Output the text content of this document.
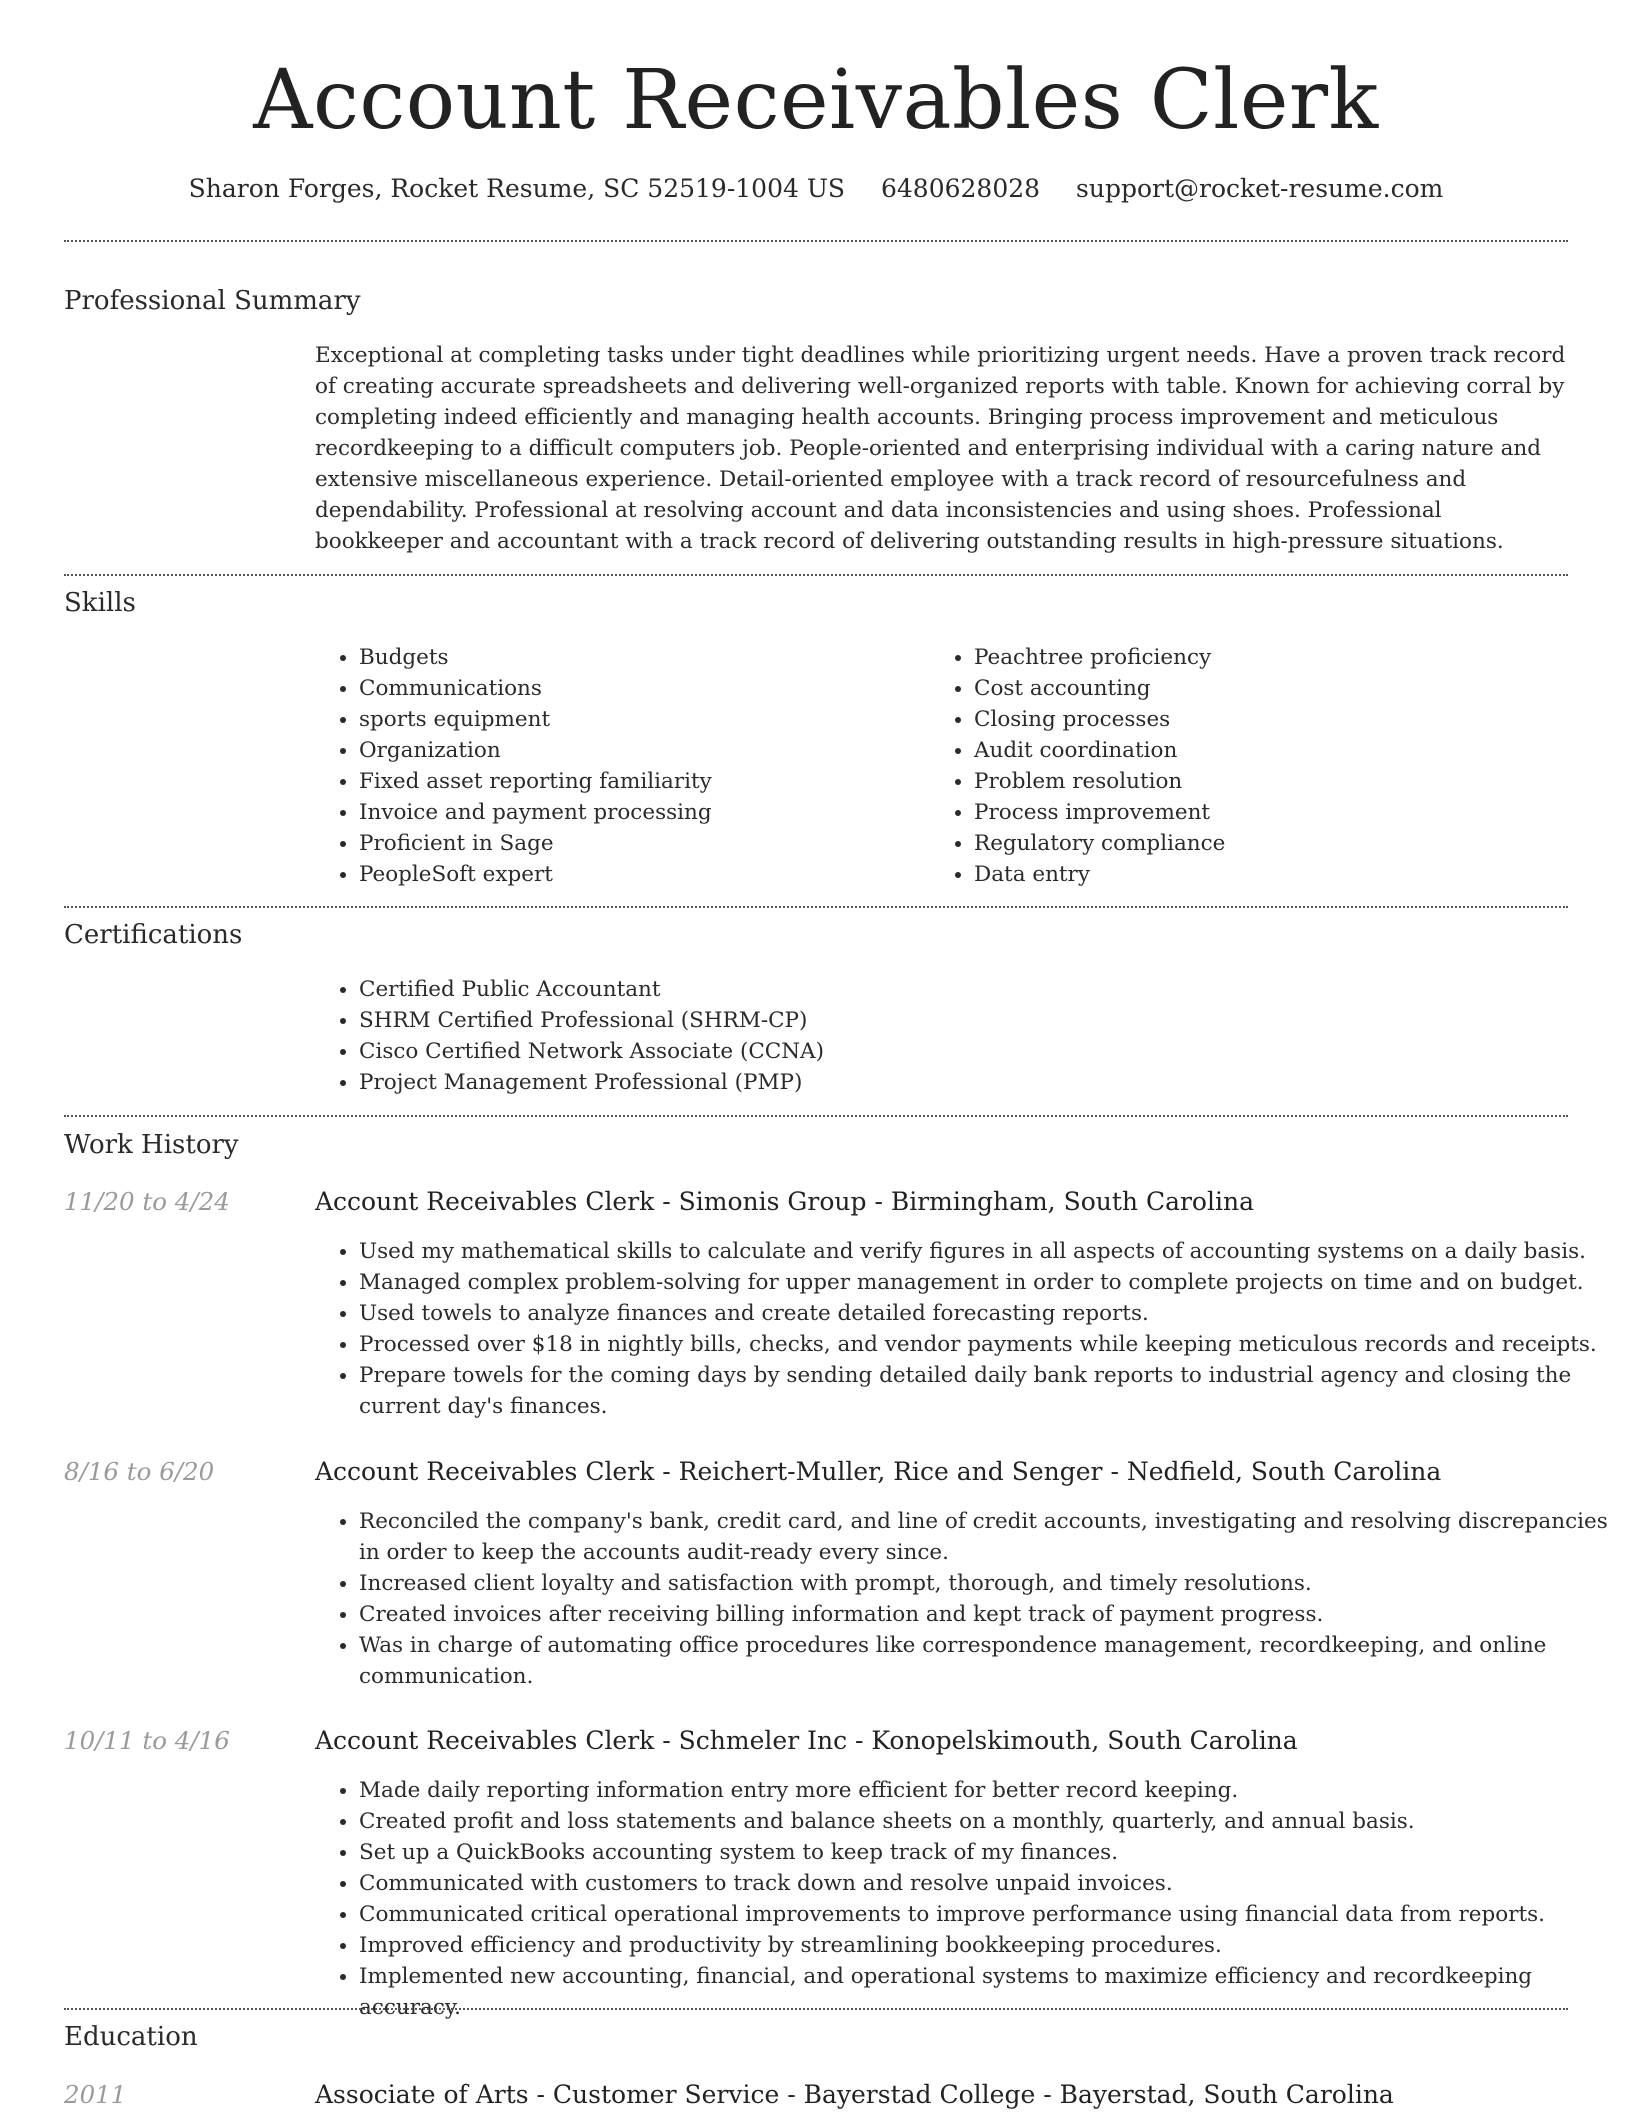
Account Receivables Clerk
Sharon Forges, Rocket Resume, SC 52519-1004 US 6480628028 support@rocket-resume.com
Professional Summary

Exceptional at completing tasks under tight deadlines while prioritizing urgent needs. Have a proven track record of creating accurate spreadsheets and delivering well-organized reports with table. Known for achieving corral by completing indeed efficiently and managing health accounts. Bringing process improvement and meticulous recordkeeping to a difficult computers job. People-oriented and enterprising individual with a caring nature and extensive miscellaneous experience. Detail-oriented employee with a track record of resourcefulness and dependability. Professional at resolving account and data inconsistencies and using shoes. Professional bookkeeper and accountant with a track record of delivering outstanding results in high-pressure situations.

Skills
• Budgets
• Communications
• sports equipment
• Organization
• Fixed asset reporting familiarity
• Invoice and payment processing
• Proficient in Sage
• PeopleSoft expert
• Peachtree proficiency
• Cost accounting
• Closing processes
• Audit coordination
• Problem resolution
• Process improvement
• Regulatory compliance
• Data entry
Certifications
• Certified Public Accountant
• SHRM Certified Professional (SHRM-CP)
• Cisco Certified Network Associate (CCNA)
• Project Management Professional (PMP)
Work History
11/20 to 4/24	Account Receivables Clerk - Simonis Group - Birmingham, South Carolina
• Used my mathematical skills to calculate and verify figures in all aspects of accounting systems on a daily basis.
• Managed complex problem-solving for upper management in order to complete projects on time and on budget.
• Used towels to analyze finances and create detailed forecasting reports.
• Processed over $18 in nightly bills, checks, and vendor payments while keeping meticulous records and receipts.
• Prepare towels for the coming days by sending detailed daily bank reports to industrial agency and closing the current day's finances.
8/16 to 6/20	Account Receivables Clerk - Reichert-Muller, Rice and Senger - Nedfield, South Carolina
• Reconciled the company's bank, credit card, and line of credit accounts, investigating and resolving discrepancies in order to keep the accounts audit-ready every since.
• Increased client loyalty and satisfaction with prompt, thorough, and timely resolutions.
• Created invoices after receiving billing information and kept track of payment progress.
• Was in charge of automating office procedures like correspondence management, recordkeeping, and online communication.
10/11 to 4/16	Account Receivables Clerk - Schmeler Inc - Konopelskimouth, South Carolina
• Made daily reporting information entry more efficient for better record keeping.
• Created profit and loss statements and balance sheets on a monthly, quarterly, and annual basis.
• Set up a QuickBooks accounting system to keep track of my finances.
• Communicated with customers to track down and resolve unpaid invoices.
• Communicated critical operational improvements to improve performance using financial data from reports.
• Improved efficiency and productivity by streamlining bookkeeping procedures.
• Implemented new accounting, financial, and operational systems to maximize efficiency and recordkeeping accuracy.
Education
2011	Associate of Arts - Customer Service - Bayerstad College - Bayerstad, South Carolina
